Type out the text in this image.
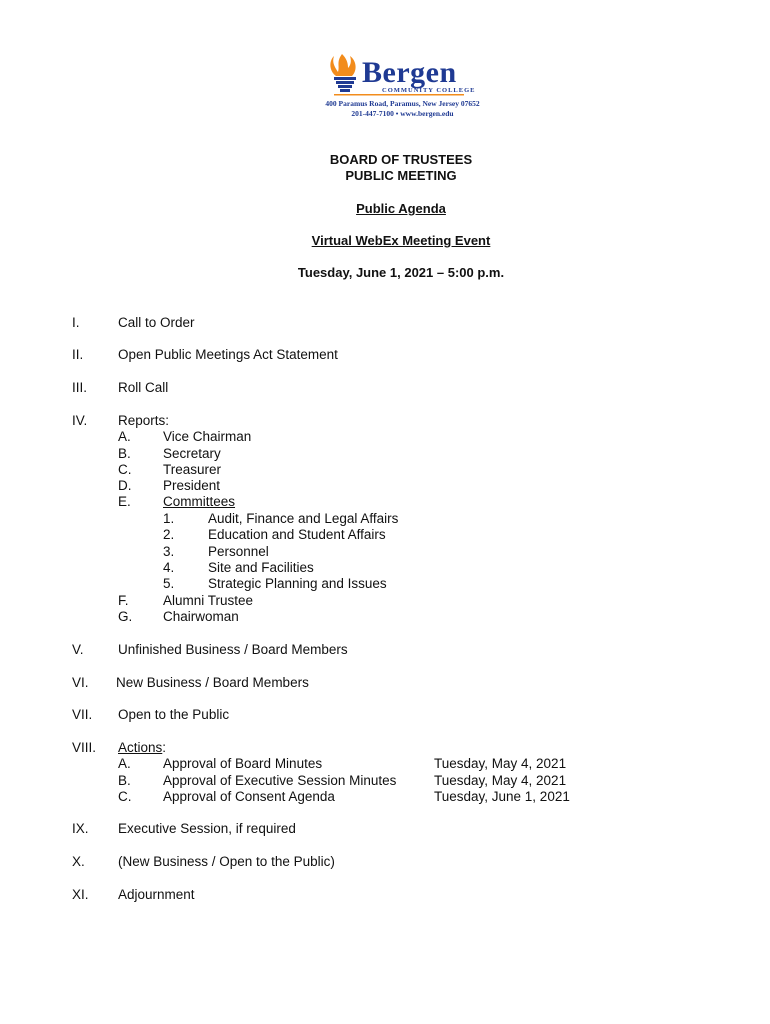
Bergen
COMMUNITY COLLEGE
400 Paramus Road, Paramus, New Jersey 07652
201-447-7100 • www.bergen.edu
BOARD OF TRUSTEES
PUBLIC MEETING
Public Agenda
Virtual WebEx Meeting Event
Tuesday, June 1, 2021 – 5:00 p.m.
I.	Call to Order
II.	Open Public Meetings Act Statement
III. Roll Call
IV. Reports:
A. Vice Chairman
B. Secretary
C. Treasurer
D. President
E. Committees
1. Audit, Finance and Legal Affairs
2. Education and Student Affairs
3. Personnel
4. Site and Facilities
5. Strategic Planning and Issues
F.	Alumni Trustee
G. Chairwoman
V.	Unfinished Business / Board Members
VI. New Business / Board Members
VII. Open to the Public
VIII. Actions:
A. Approval of Board Minutes	Tuesday, May 4, 2021
B. Approval of Executive Session Minutes	Tuesday, May 4, 2021
C. Approval of Consent Agenda	Tuesday, June 1, 2021
IX. Executive Session, if required
X. (New Business / Open to the Public)
XI. Adjournment
